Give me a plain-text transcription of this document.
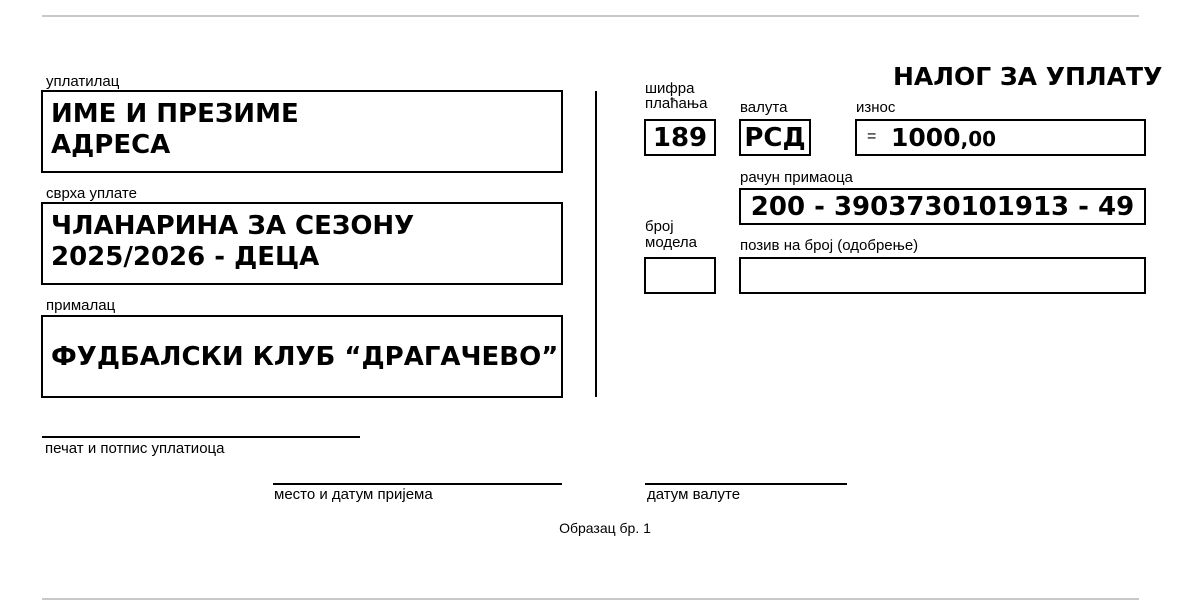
уплатилац
ИМЕ И ПРЕЗИМЕ
АДРЕСА
сврха уплате
ЧЛАНАРИНА ЗА СЕЗОНУ
2025/2026 - ДЕЦА
прималац
ФУДБАЛСКИ КЛУБ “ДРАГАЧЕВО”
НАЛОГ ЗА УПЛАТУ
шифра
плаћања
189
валута
РСД
износ
= 1000,00
рачун примаоца
200 - 3903730101913 - 49
број
модела	позив на број (одобрење)
печат и потпис уплатиоца
место и датум пријема	датум валуте
Образац бр. 1
